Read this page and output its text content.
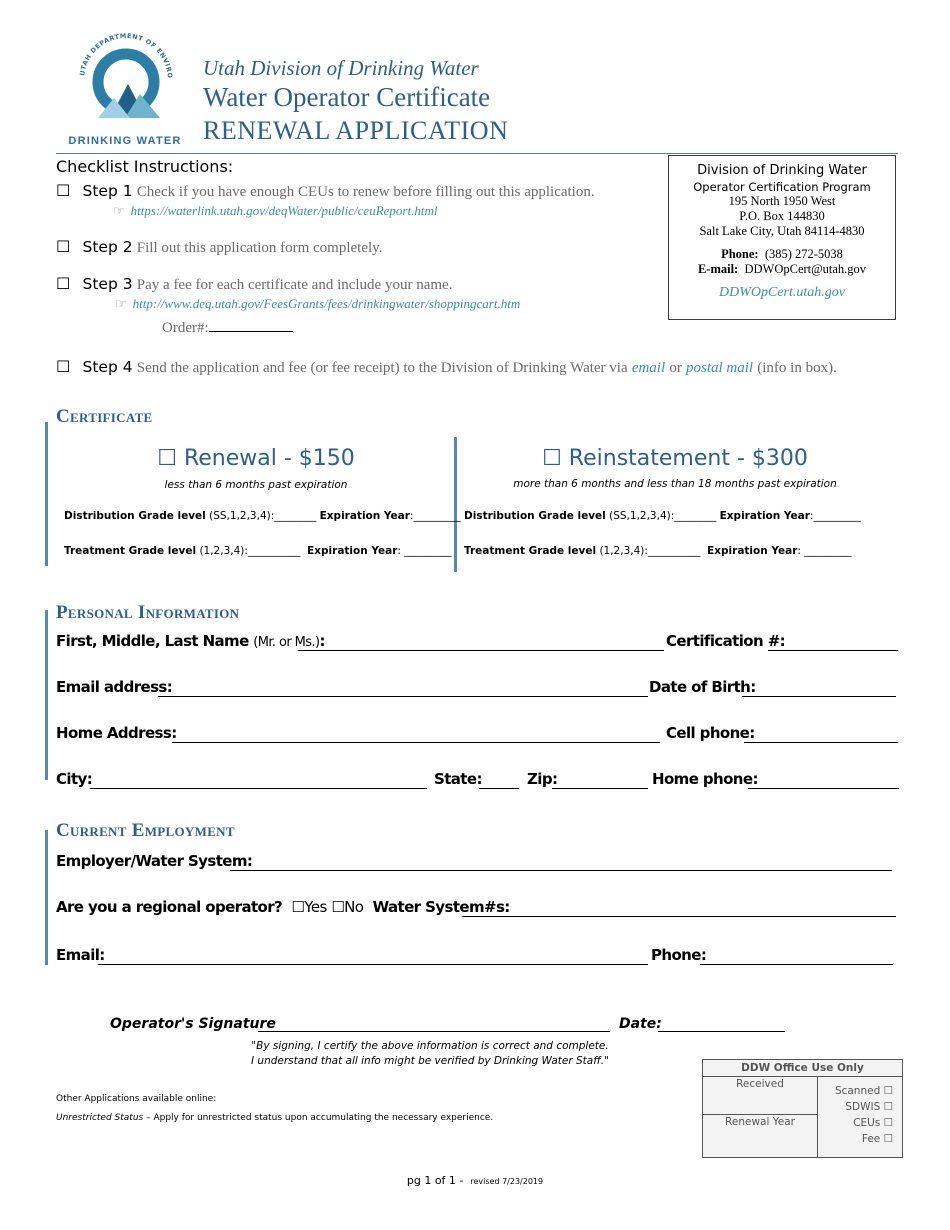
UTAH DEPARTMENT OF ENVIRO
DRINKING WATER
Utah Division of Drinking Water
Water Operator Certificate
RENEWAL APPLICATION
Checklist Instructions:
☐ Step 1 Check if you have enough CEUs to renew before filling out this application.
☞ https://waterlink.utah.gov/deqWater/public/ceuReport.html
☐ Step 2 Fill out this application form completely.
☐ Step 3 Pay a fee for each certificate and include your name.
☞ http://www.deq.utah.gov/FeesGrants/fees/drinkingwater/shoppingcart.htm
Order#:
☐ Step 4 Send the application and fee (or fee receipt) to the Division of Drinking Water via email or postal mail (info in box).
Division of Drinking Water
Operator Certification Program
195 North 1950 West
P.O. Box 144830
Salt Lake City, Utah 84114-4830
Phone: (385) 272-5038
E-mail: DDWOpCert@utah.gov
DDWOpCert.utah.gov
Certificate
☐ Renewal - $150
less than 6 months past expiration
☐ Reinstatement - $300
more than 6 months and less than 18 months past expiration
Distribution Grade level (SS,1,2,3,4):________ Expiration Year:_________
Treatment Grade level (1,2,3,4):__________ Expiration Year: _________
Distribution Grade level (SS,1,2,3,4):________ Expiration Year:_________
Treatment Grade level (1,2,3,4):__________ Expiration Year: _________
Personal Information
First, Middle, Last Name (Mr. or Ms.):	Certification #:
Email address:	Date of Birth:
Home Address:	Cell phone:
City:	State:	Zip:	Home phone:
Current Employment
Employer/Water System:
Are you a regional operator? ☐Yes ☐No Water System#s:
Email:	Phone:
Operator's Signature	Date:
"By signing, I certify the above information is correct and complete.
I understand that all info might be verified by Drinking Water Staff."
Other Applications available online:
Unrestricted Status – Apply for unrestricted status upon accumulating the necessary experience.
DDW Office Use Only
Received
Renewal Year
Scanned ☐
SDWIS ☐
CEUs ☐
Fee ☐
pg 1 of 1 - revised 7/23/2019
